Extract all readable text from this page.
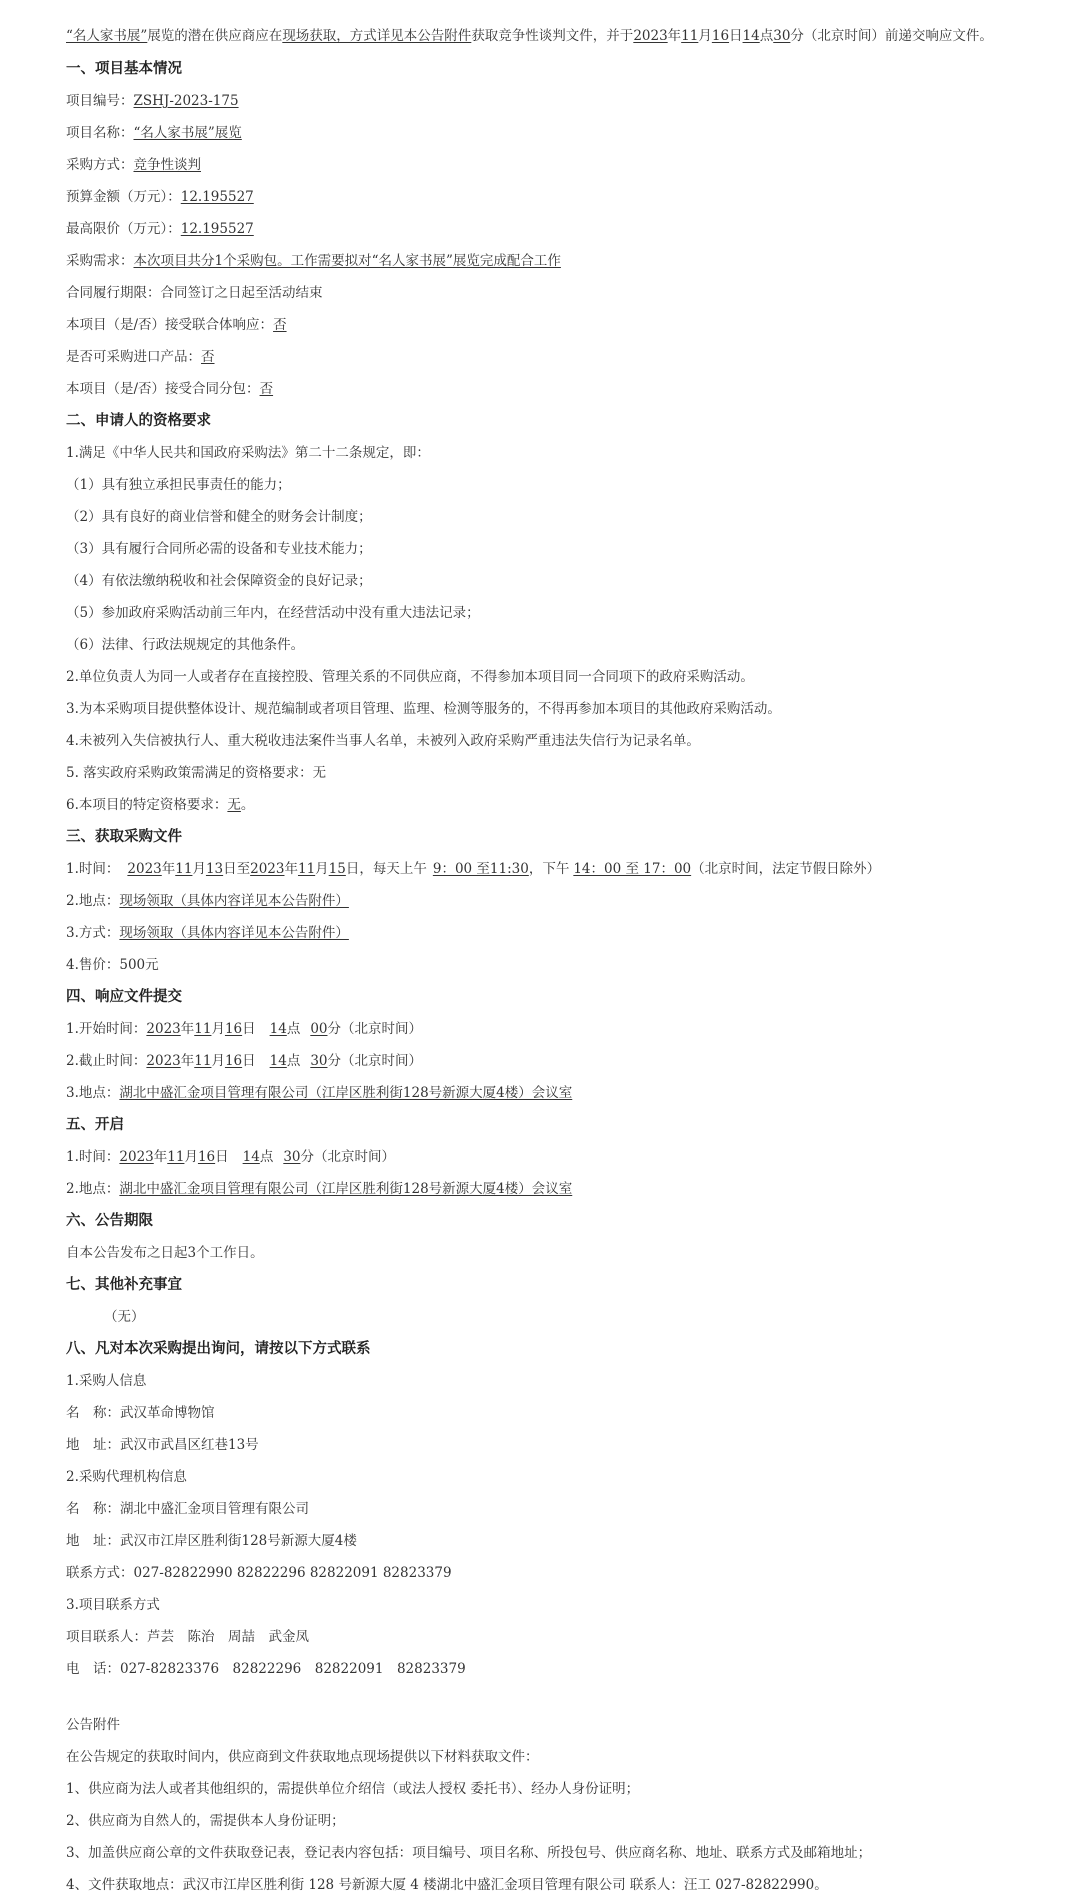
“名人家书展”展览的潜在供应商应在现场获取，方式详见本公告附件获取竞争性谈判文件，并于2023年11月16日14点30分（北京时间）前递交响应文件。
一、项目基本情况
项目编号：ZSHJ-2023-175
项目名称：“名人家书展”展览
采购方式：竞争性谈判
预算金额（万元）：12.195527
最高限价（万元）：12.195527
采购需求：本次项目共分1个采购包。工作需要拟对“名人家书展”展览完成配合工作
合同履行期限：合同签订之日起至活动结束
本项目（是/否）接受联合体响应：否
是否可采购进口产品：否
本项目（是/否）接受合同分包：否
二、申请人的资格要求
1.满足《中华人民共和国政府采购法》第二十二条规定，即：
（1）具有独立承担民事责任的能力；
（2）具有良好的商业信誉和健全的财务会计制度；
（3）具有履行合同所必需的设备和专业技术能力；
（4）有依法缴纳税收和社会保障资金的良好记录；
（5）参加政府采购活动前三年内，在经营活动中没有重大违法记录；
（6）法律、行政法规规定的其他条件。
2.单位负责人为同一人或者存在直接控股、管理关系的不同供应商，不得参加本项目同一合同项下的政府采购活动。
3.为本采购项目提供整体设计、规范编制或者项目管理、监理、检测等服务的，不得再参加本项目的其他政府采购活动。
4.未被列入失信被执行人、重大税收违法案件当事人名单，未被列入政府采购严重违法失信行为记录名单。
5. 落实政府采购政策需满足的资格要求：无
6.本项目的特定资格要求：无。
三、获取采购文件
1.时间： 2023年11月13日至2023年11月15日，每天上午 9：00 至11:30，下午 14：00 至 17：00（北京时间，法定节假日除外）
2.地点：现场领取（具体内容详见本公告附件）
3.方式：现场领取（具体内容详见本公告附件）
4.售价：500元
四、响应文件提交
1.开始时间：2023年11月16日 14点 00分（北京时间）
2.截止时间：2023年11月16日 14点 30分（北京时间）
3.地点：湖北中盛汇金项目管理有限公司（江岸区胜利街128号新源大厦4楼）会议室
五、开启
1.时间：2023年11月16日 14点 30分（北京时间）
2.地点：湖北中盛汇金项目管理有限公司（江岸区胜利街128号新源大厦4楼）会议室
六、公告期限
自本公告发布之日起3个工作日。
七、其他补充事宜
（无）
八、凡对本次采购提出询问，请按以下方式联系
1.采购人信息
名　称：武汉革命博物馆
地　址：武汉市武昌区红巷13号
2.采购代理机构信息
名　称：湖北中盛汇金项目管理有限公司
地　址：武汉市江岸区胜利街128号新源大厦4楼
联系方式：027-82822990 82822296 82822091 82823379
3.项目联系方式
项目联系人：芦芸　陈治　周喆　武金凤
电　话：027-82823376　82822296　82822091　82823379
公告附件
在公告规定的获取时间内，供应商到文件获取地点现场提供以下材料获取文件：
1、供应商为法人或者其他组织的，需提供单位介绍信（或法人授权 委托书）、经办人身份证明；
2、供应商为自然人的，需提供本人身份证明；
3、加盖供应商公章的文件获取登记表，登记表内容包括：项目编号、项目名称、所投包号、供应商名称、地址、联系方式及邮箱地址；
4、文件获取地点：武汉市江岸区胜利街 128 号新源大厦 4 楼湖北中盛汇金项目管理有限公司 联系人：汪工 027-82822990。
